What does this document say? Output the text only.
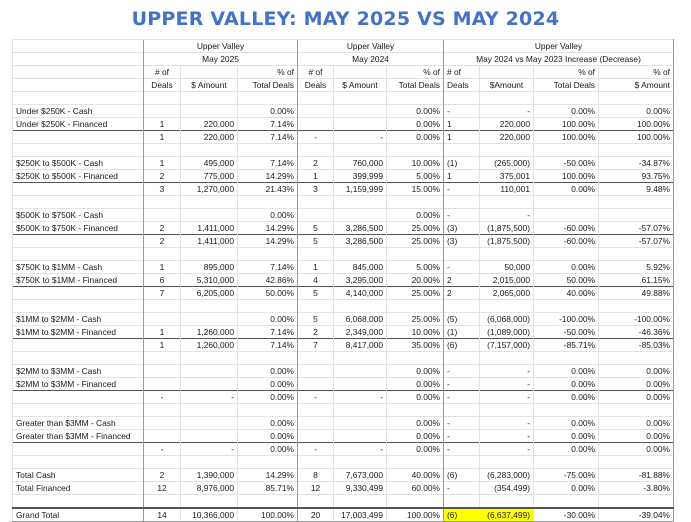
UPPER VALLEY: MAY 2025 VS MAY 2024
	Upper Valley			Upper Valley			Upper Valley			
	May 2025			May 2024			May 2024 vs May 2023 Increase (Decrease)			
	# of		% of	# of		% of	# of		% of	% of
	Deals	$ Amount	Total Deals	Deals	$ Amount	Total Deals	Deals	$Amount	Total Deals	$ Amount

Under $250K - Cash			0.00%			0.00%	-	-	0.00%	0.00%
Under $250K - Financed	1	220,000	7.14%			0.00%	1	220,000	100.00%	100.00%
	1	220,000	7.14%	-	-	0.00%	1	220,000	100.00%	100.00%

$250K to $500K - Cash	1	495,000	7.14%	2	760,000	10.00%	(1)	(265,000)	-50.00%	-34.87%
$250K to $500K - Financed	2	775,000	14.29%	1	399,999	5.00%	1	375,001	100.00%	93.75%
	3	1,270,000	21.43%	3	1,159,999	15.00%	-	110,001	0.00%	9.48%

$500K to $750K - Cash			0.00%			0.00%	-	-		
$500K to $750K - Financed	2	1,411,000	14.29%	5	3,286,500	25.00%	(3)	(1,875,500)	-60.00%	-57.07%
	2	1,411,000	14.29%	5	3,286,500	25.00%	(3)	(1,875,500)	-60.00%	-57.07%

$750K to $1MM - Cash	1	895,000	7.14%	1	845,000	5.00%	-	50,000	0.00%	5.92%
$750K to $1MM - Financed	6	5,310,000	42.86%	4	3,295,000	20.00%	2	2,015,000	50.00%	61.15%
	7	6,205,000	50.00%	5	4,140,000	25.00%	2	2,065,000	40.00%	49.88%

$1MM to $2MM - Cash			0.00%	5	6,068,000	25.00%	(5)	(6,068,000)	-100.00%	-100.00%
$1MM to $2MM - Financed	1	1,260,000	7.14%	2	2,349,000	10.00%	(1)	(1,089,000)	-50.00%	-46.36%
	1	1,260,000	7.14%	7	8,417,000	35.00%	(6)	(7,157,000)	-85.71%	-85.03%

$2MM to $3MM - Cash			0.00%			0.00%	-	-	0.00%	0.00%
$2MM to $3MM - Financed			0.00%			0.00%	-	-	0.00%	0.00%
	-	-	0.00%	-	-	0.00%	-	-	0.00%	0.00%

Greater than $3MM - Cash			0.00%			0.00%	-	-	0.00%	0.00%
Greater than $3MM - Financed			0.00%			0.00%	-	-	0.00%	0.00%
	-	-	0.00%	-	-	0.00%	-	-	0.00%	0.00%

Total Cash	2	1,390,000	14.29%	8	7,673,000	40.00%	(6)	(6,283,000)	-75.00%	-81.88%
Total Financed	12	8,976,000	85.71%	12	9,330,499	60.00%	-	(354,499)	0.00%	-3.80%

Grand Total	14	10,366,000	100.00%	20	17,003,499	100.00%	(6)	(6,637,499)	-30.00%	-39.04%
